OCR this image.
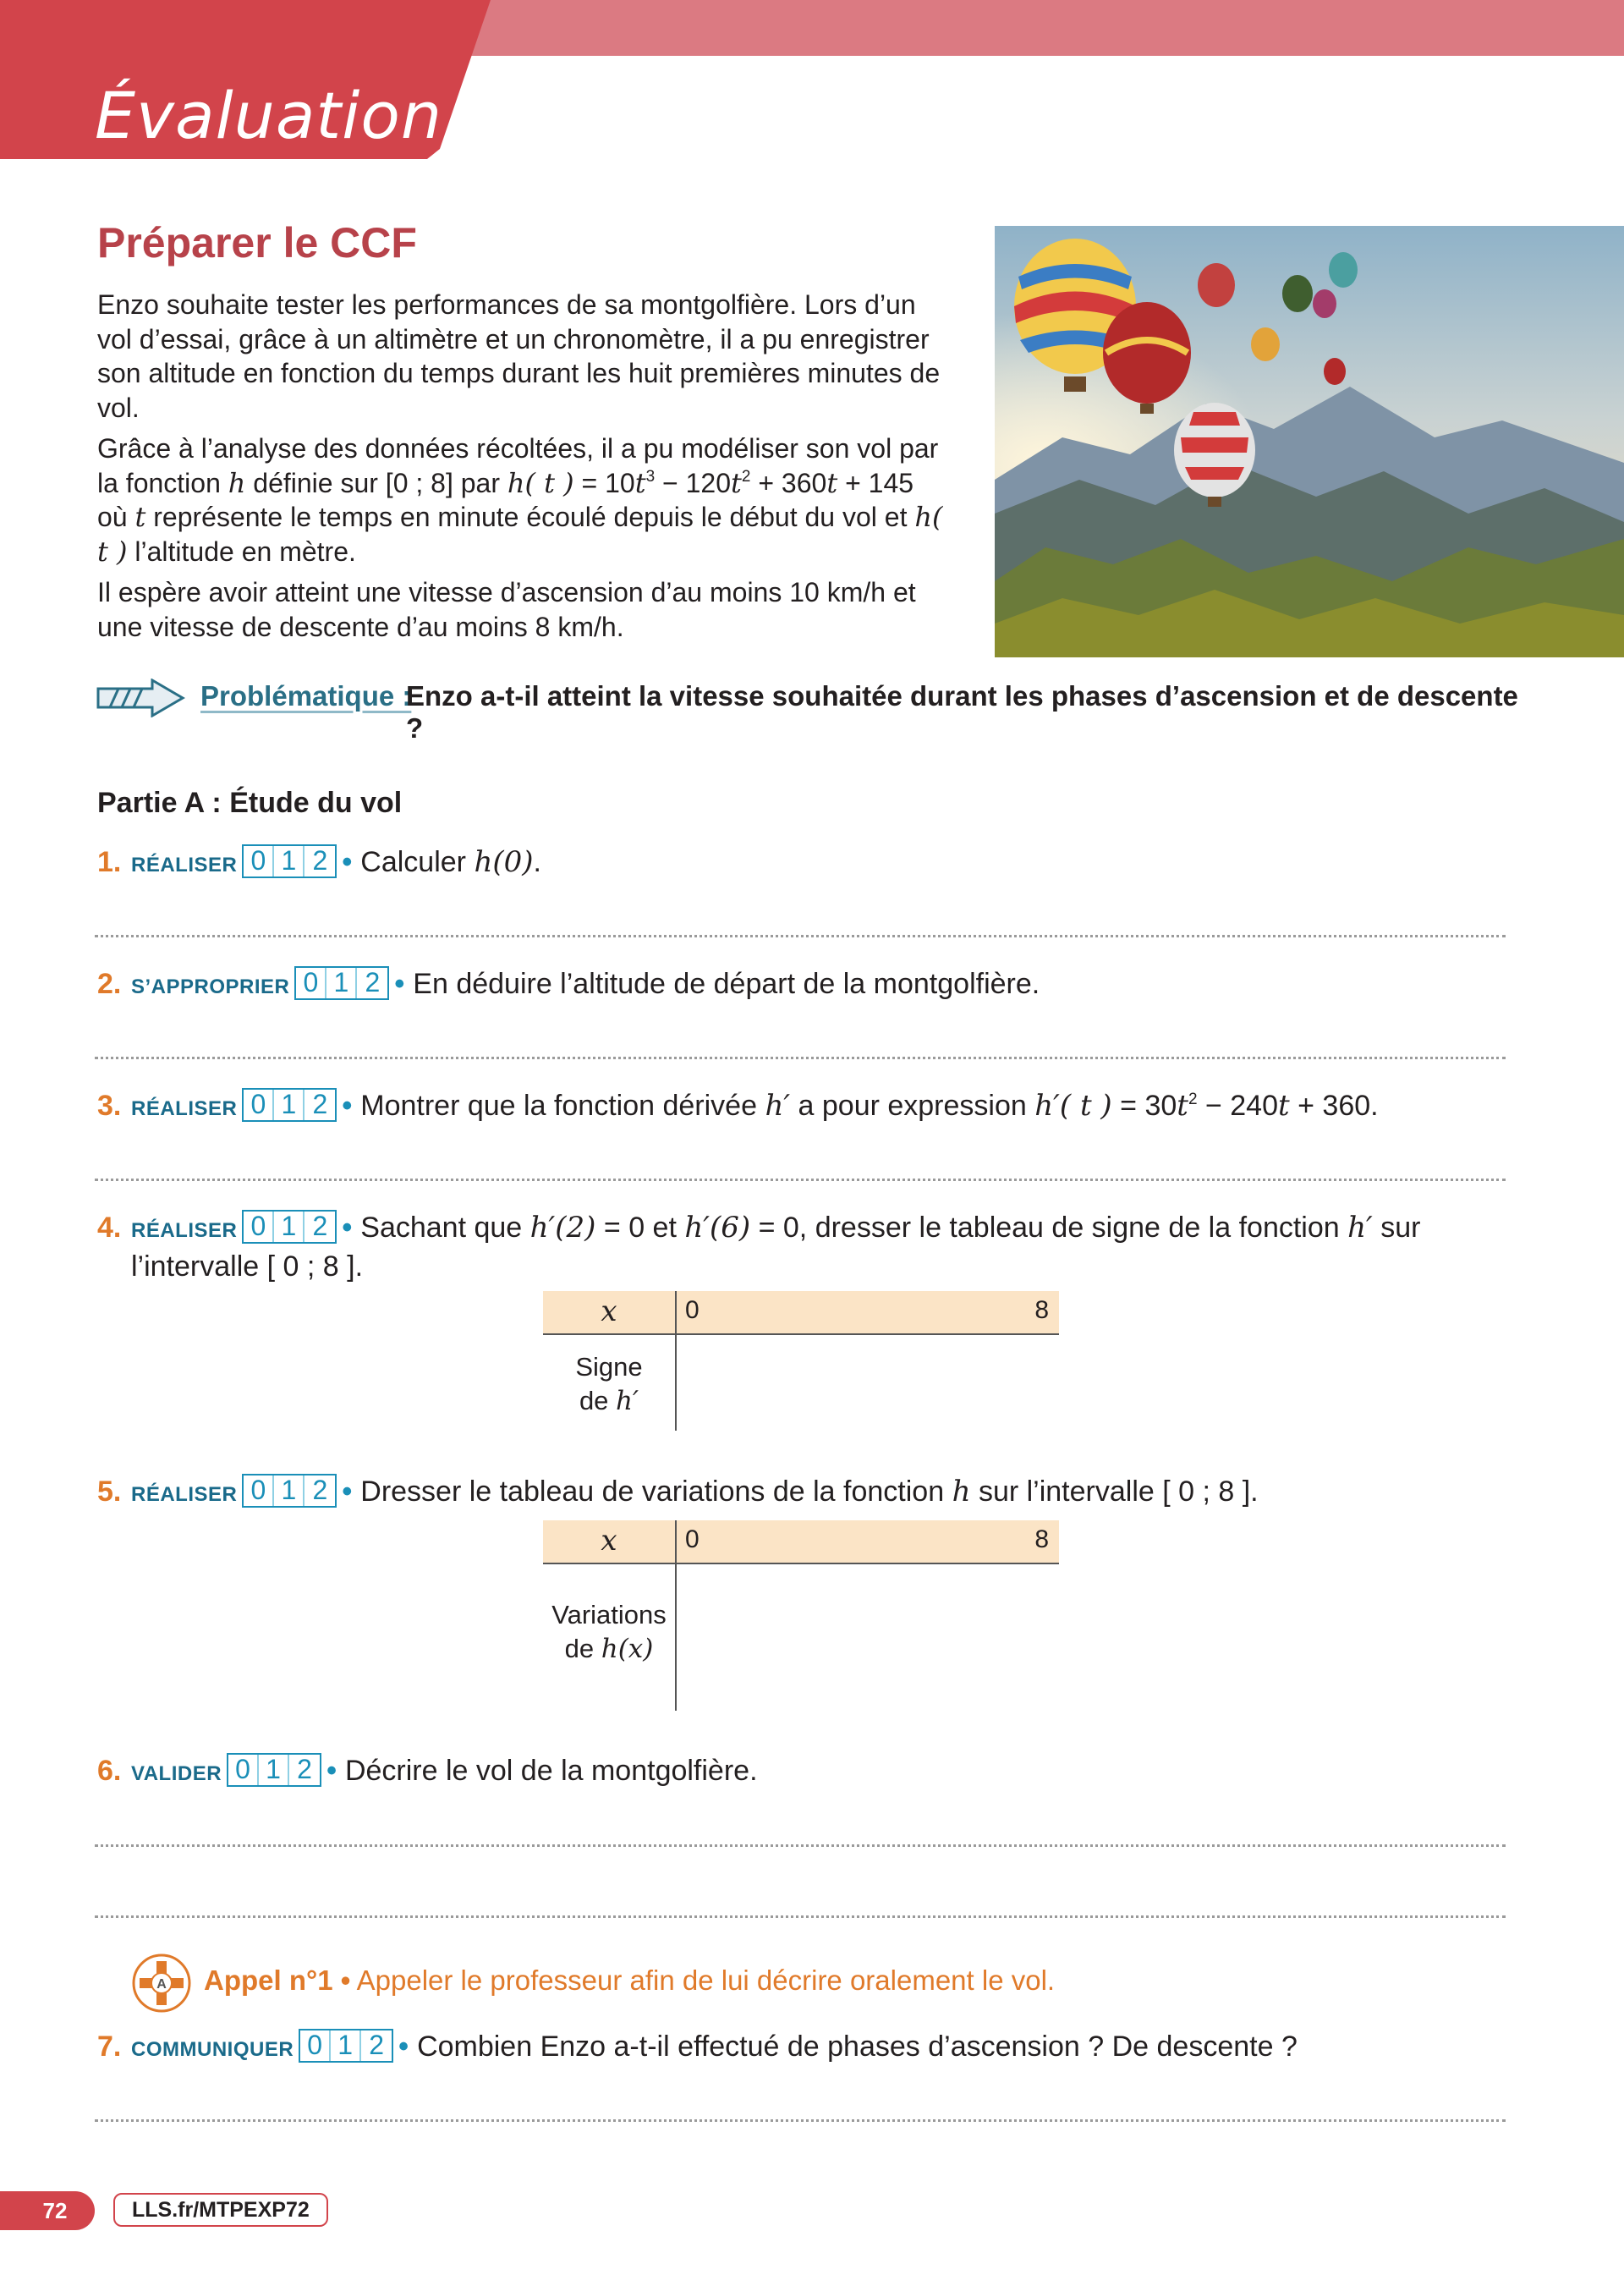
Évaluation
Préparer le CCF

Enzo souhaite tester les performances de sa montgolfière. Lors d’un vol d’essai, grâce à un altimètre et un chronomètre, il a pu enregistrer son altitude en fonction du temps durant les huit premières minutes de vol.

Grâce à l’analyse des données récoltées, il a pu modéliser son vol par la fonction h définie sur [0 ; 8] par h( t ) = $10t^3 - 120t^2 + 360t + 145$ où t représente le temps en minute écoulé depuis le début du vol et h( t ) l’altitude en mètre.

Il espère avoir atteint une vitesse d’ascension d’au moins 10 km/h et une vitesse de descente d’au moins 8 km/h.

Problématique :
Enzo a-t-il atteint la vitesse souhaitée durant les phases d’ascension et de descente ?
Partie A : Étude du vol
1. RÉALISER 0 1 2 • Calculer h(0).
2. S’APPROPRIER 0 1 2 • En déduire l’altitude de départ de la montgolfière.
3. RÉALISER 0 1 2 • Montrer que la fonction dérivée h′ a pour expression h′( t ) = $30t^2 - 240t + 360$.
4. RÉALISER 0 1 2 • Sachant que h′(2) = 0 et h′(6) = 0, dresser le tableau de signe de la fonction h′ sur l’intervalle [ 0 ; 8 ].
x	0	8
Signe
de h′
5. RÉALISER 0 1 2 • Dresser le tableau de variations de la fonction h sur l’intervalle [ 0 ; 8 ].
x	0	8
Variations
de h(x)
6. VALIDER 0 1 2 • Décrire le vol de la montgolfière.
A Appel n°1 • Appeler le professeur afin de lui décrire oralement le vol.
7. COMMUNIQUER 0 1 2 • Combien Enzo a-t-il effectué de phases d’ascension ? De descente ?
72	LLS.fr/MTPEXP72
